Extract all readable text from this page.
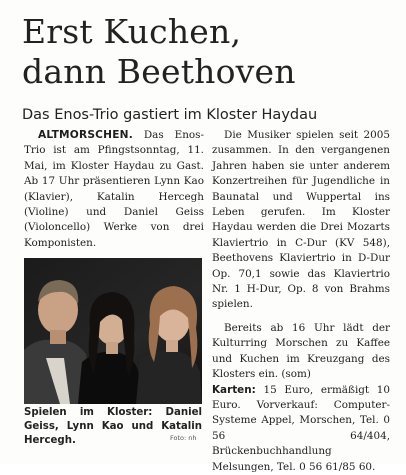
Erst Kuchen,
dann Beethoven
Das Enos-Trio gastiert im Kloster Haydau

ALTMORSCHEN. Das Enos-Trio ist am Pfingstsonntag, 11. Mai, im Kloster Haydau zu Gast. Ab 17 Uhr präsentieren Lynn Kao (Klavier), Katalin Hercegh (Violine) und Daniel Geiss (Violoncello) Werke von drei Komponisten.

Spielen im Kloster: Daniel Geiss, Lynn Kao und Katalin Hercegh.	Foto: nh

Die Musiker spielen seit 2005 zusammen. In den vergangenen Jahren haben sie unter anderem Konzertreihen für Jugendliche in Baunatal und Wuppertal ins Leben gerufen. Im Kloster Haydau werden die Drei Mozarts Klaviertrio in C-Dur (KV 548), Beethovens Klaviertrio in D-Dur Op. 70,1 sowie das Klaviertrio Nr. 1 H-Dur, Op. 8 von Brahms spielen.

Bereits ab 16 Uhr lädt der Kulturring Morschen zu Kaffee und Kuchen im Kreuzgang des Klosters ein. (som)

Karten: 15 Euro, ermäßigt 10 Euro. Vorverkauf: Computer-Systeme Appel, Morschen, Tel. 0 56 64/404, Brückenbuchhandlung Melsungen, Tel. 0 56 61/85 60.
